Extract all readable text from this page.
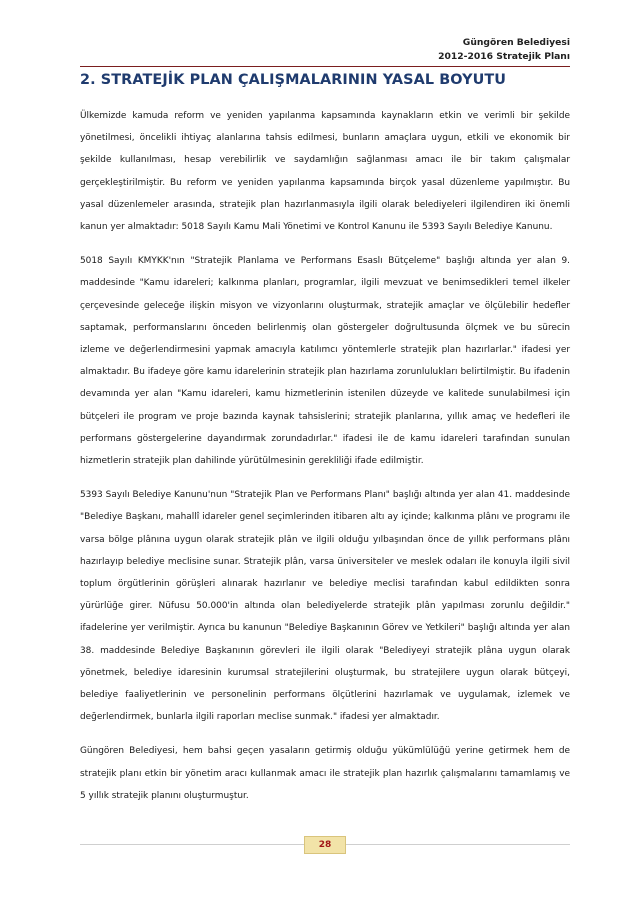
Güngören Belediyesi
2012-2016 Stratejik Planı
2. STRATEJİK PLAN ÇALIŞMALARININ YASAL BOYUTU

Ülkemizde kamuda reform ve yeniden yapılanma kapsamında kaynakların etkin ve verimli bir şekilde yönetilmesi, öncelikli ihtiyaç alanlarına tahsis edilmesi, bunların amaçlara uygun, etkili ve ekonomik bir şekilde kullanılması, hesap verebilirlik ve saydamlığın sağlanması amacı ile bir takım çalışmalar gerçekleştirilmiştir. Bu reform ve yeniden yapılanma kapsamında birçok yasal düzenleme yapılmıştır. Bu yasal düzenlemeler arasında, stratejik plan hazırlanmasıyla ilgili olarak belediyeleri ilgilendiren iki önemli kanun yer almaktadır: 5018 Sayılı Kamu Mali Yönetimi ve Kontrol Kanunu ile 5393 Sayılı Belediye Kanunu.

5018 Sayılı KMYKK'nın "Stratejik Planlama ve Performans Esaslı Bütçeleme" başlığı altında yer alan 9. maddesinde "Kamu idareleri; kalkınma planları, programlar, ilgili mevzuat ve benimsedikleri temel ilkeler çerçevesinde geleceğe ilişkin misyon ve vizyonlarını oluşturmak, stratejik amaçlar ve ölçülebilir hedefler saptamak, performanslarını önceden belirlenmiş olan göstergeler doğrultusunda ölçmek ve bu sürecin izleme ve değerlendirmesini yapmak amacıyla katılımcı yöntemlerle stratejik plan hazırlarlar." ifadesi yer almaktadır. Bu ifadeye göre kamu idarelerinin stratejik plan hazırlama zorunlulukları belirtilmiştir. Bu ifadenin devamında yer alan "Kamu idareleri, kamu hizmetlerinin istenilen düzeyde ve kalitede sunulabilmesi için bütçeleri ile program ve proje bazında kaynak tahsislerini; stratejik planlarına, yıllık amaç ve hedefleri ile performans göstergelerine dayandırmak zorundadırlar." ifadesi ile de kamu idareleri tarafından sunulan hizmetlerin stratejik plan dahilinde yürütülmesinin gerekliliği ifade edilmiştir.

5393 Sayılı Belediye Kanunu'nun "Stratejik Plan ve Performans Planı" başlığı altında yer alan 41. maddesinde "Belediye Başkanı, mahallî idareler genel seçimlerinden itibaren altı ay içinde; kalkınma plânı ve programı ile varsa bölge plânına uygun olarak stratejik plân ve ilgili olduğu yılbaşından önce de yıllık performans plânı hazırlayıp belediye meclisine sunar. Stratejik plân, varsa üniversiteler ve meslek odaları ile konuyla ilgili sivil toplum örgütlerinin görüşleri alınarak hazırlanır ve belediye meclisi tarafından kabul edildikten sonra yürürlüğe girer. Nüfusu 50.000'in altında olan belediyelerde stratejik plân yapılması zorunlu değildir." ifadelerine yer verilmiştir. Ayrıca bu kanunun "Belediye Başkanının Görev ve Yetkileri" başlığı altında yer alan 38. maddesinde Belediye Başkanının görevleri ile ilgili olarak "Belediyeyi stratejik plâna uygun olarak yönetmek, belediye idaresinin kurumsal stratejilerini oluşturmak, bu stratejilere uygun olarak bütçeyi, belediye faaliyetlerinin ve personelinin performans ölçütlerini hazırlamak ve uygulamak, izlemek ve değerlendirmek, bunlarla ilgili raporları meclise sunmak." ifadesi yer almaktadır.

Güngören Belediyesi, hem bahsi geçen yasaların getirmiş olduğu yükümlülüğü yerine getirmek hem de stratejik planı etkin bir yönetim aracı kullanmak amacı ile stratejik plan hazırlık çalışmalarını tamamlamış ve 5 yıllık stratejik planını oluşturmuştur.

28
